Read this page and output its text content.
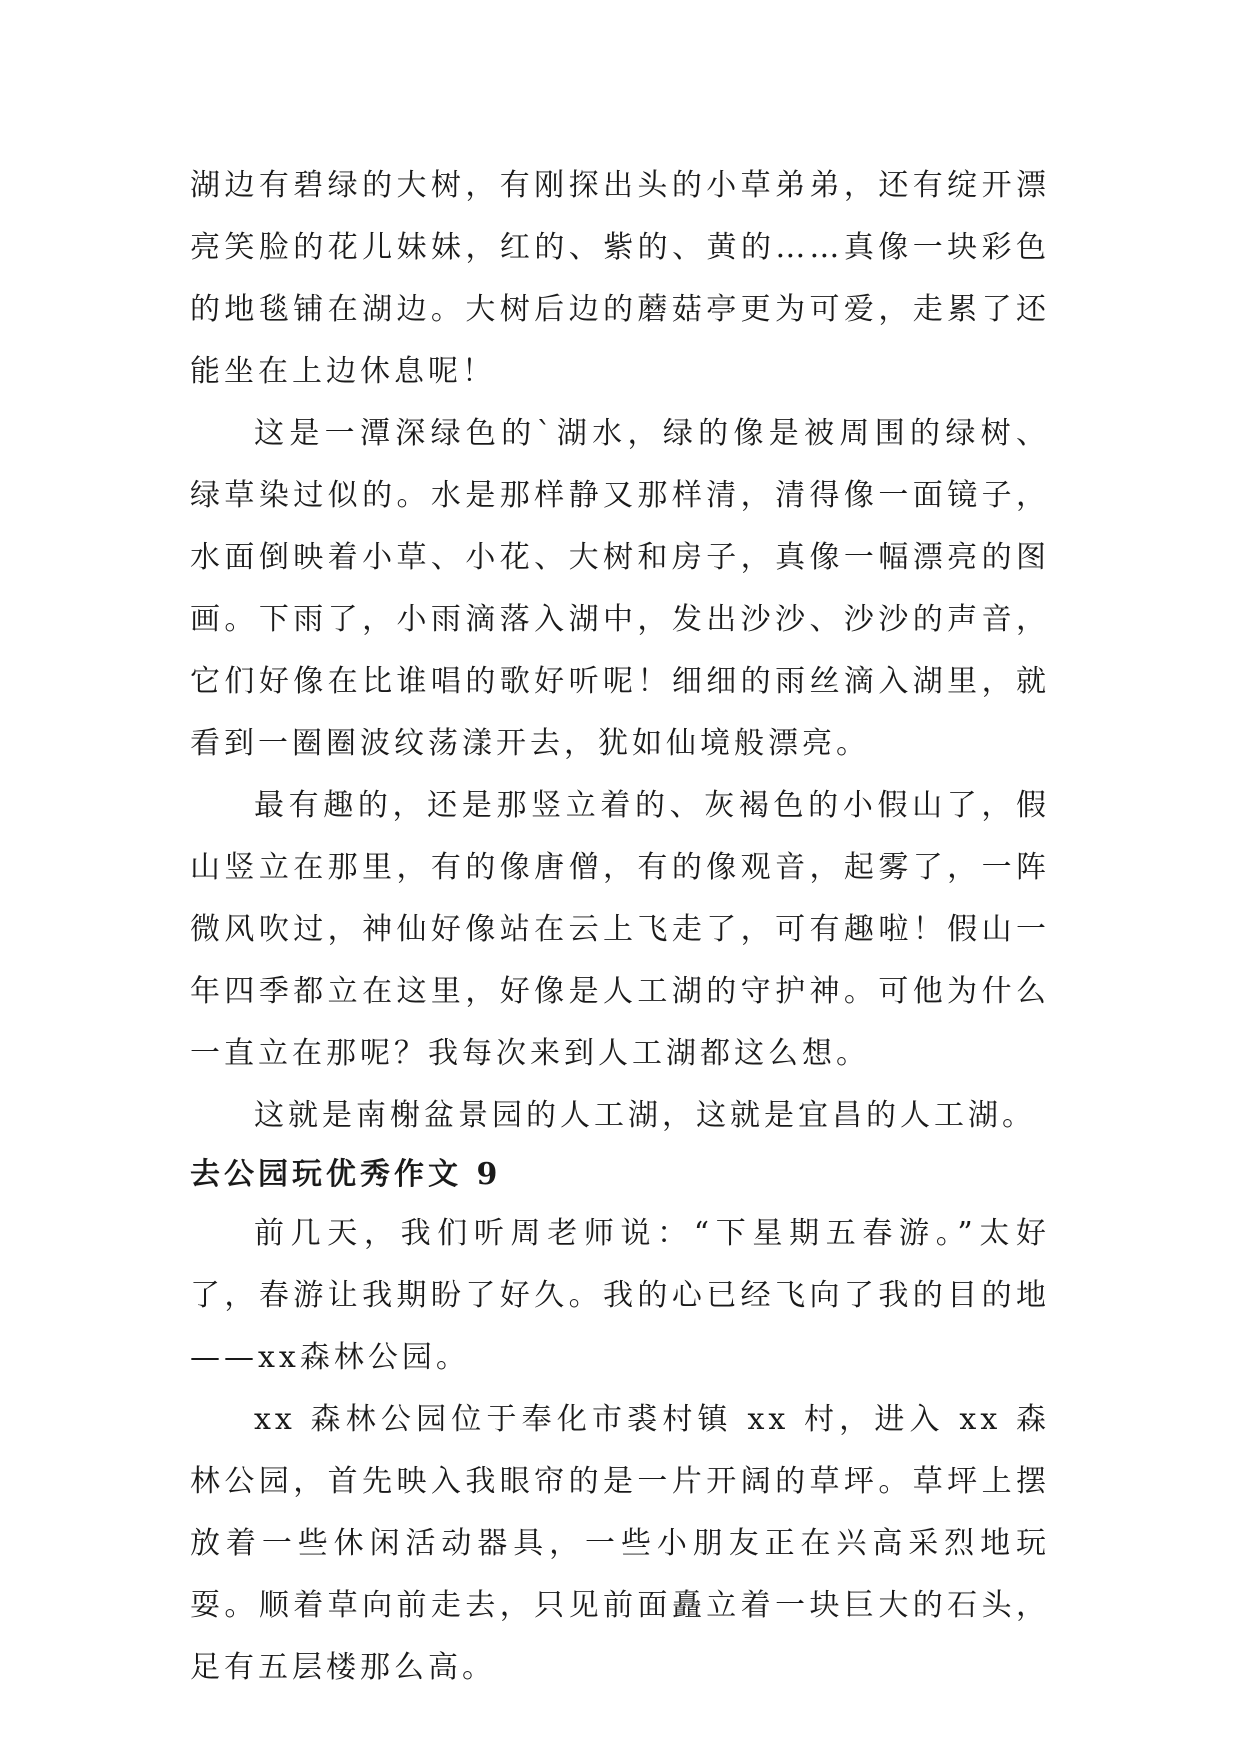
湖边有碧绿的大树，有刚探出头的小草弟弟，还有绽开漂亮笑脸的花儿妹妹，红的、紫的、黄的……真像一块彩色的地毯铺在湖边。大树后边的蘑菇亭更为可爱，走累了还能坐在上边休息呢！

这是一潭深绿色的`湖水，绿的像是被周围的绿树、绿草染过似的。水是那样静又那样清，清得像一面镜子，水面倒映着小草、小花、大树和房子，真像一幅漂亮的图画。下雨了，小雨滴落入湖中，发出沙沙、沙沙的声音，它们好像在比谁唱的歌好听呢！细细的雨丝滴入湖里，就看到一圈圈波纹荡漾开去，犹如仙境般漂亮。

最有趣的，还是那竖立着的、灰褐色的小假山了，假山竖立在那里，有的像唐僧，有的像观音，起雾了，一阵微风吹过，神仙好像站在云上飞走了，可有趣啦！假山一年四季都立在这里，好像是人工湖的守护神。可他为什么一直立在那呢？我每次来到人工湖都这么想。

这就是南榭盆景园的人工湖，这就是宜昌的人工湖。

去公园玩优秀作文 9

前几天，我们听周老师说：“下星期五春游。”太好了，春游让我期盼了好久。我的心已经飞向了我的目的地——xx森林公园。

xx 森林公园位于奉化市裘村镇 xx 村，进入 xx 森林公园，首先映入我眼帘的是一片开阔的草坪。草坪上摆放着一些休闲活动器具，一些小朋友正在兴高采烈地玩耍。顺着草向前走去，只见前面矗立着一块巨大的石头，足有五层楼那么高。
